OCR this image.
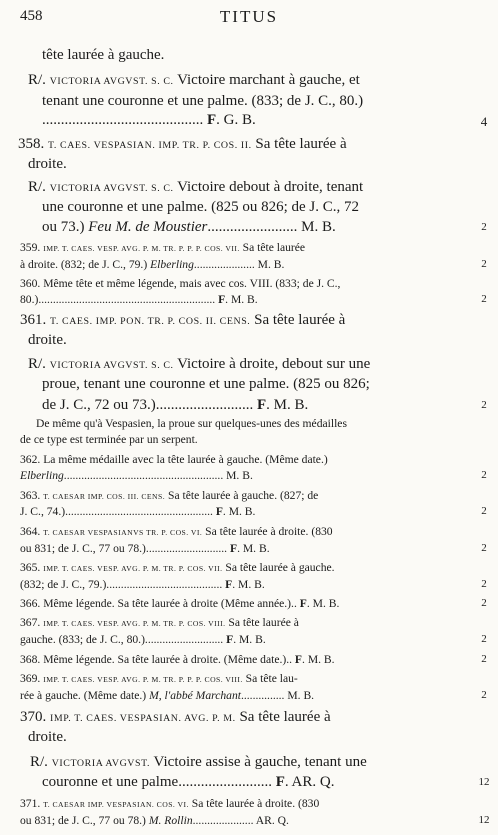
458	TITUS
tête laurée à gauche.
R/. VICTORIA AVGVST. S. C. Victoire marchant à gauche, et
tenant une couronne et une palme. (833; de J. C., 80.)
........................................... F. G. B.	4
358. T. CAES. VESPASIAN. IMP. TR. P. COS. II. Sa tête laurée à
droite.
R/. VICTORIA AVGVST. S. C. Victoire debout à droite, tenant
une couronne et une palme. (825 ou 826; de J. C., 72
ou 73.) Feu M. de Moustier........................ M. B.	2
359. IMP. T. CAES. VESP. AVG. P. M. TR. P. P. P. COS. VII. Sa tête laurée
à droite. (832; de J. C., 79.) Elberling..................... M. B.	2
360. Même tête et même légende, mais avec cos. VIII. (833; de J. C.,
80.)............................................................. F. M. B.	2
361. T. CAES. IMP. PON. TR. P. COS. II. CENS. Sa tête laurée à
droite.
R/. VICTORIA AVGVST. S. C. Victoire à droite, debout sur une
proue, tenant une couronne et une palme. (825 ou 826;
de J. C., 72 ou 73.).......................... F. M. B.	2
De même qu'à Vespasien, la proue sur quelques-unes des médailles
de ce type est terminée par un serpent.
362. La même médaille avec la tête laurée à gauche. (Même date.)
Elberling....................................................... M. B.	2
363. T. CAESAR IMP. COS. III. CENS. Sa tête laurée à gauche. (827; de
J. C., 74.)................................................... F. M. B.	2
364. T. CAESAR VESPASIANVS TR. P. COS. VI. Sa tête laurée à droite. (830
ou 831; de J. C., 77 ou 78.)............................ F. M. B.	2
365. IMP. T. CAES. VESP. AVG. P. M. TR. P. COS. VII. Sa tête laurée à gauche.
(832; de J. C., 79.)........................................ F. M. B.	2
366. Même légende. Sa tête laurée à droite (Même année.).. F. M. B.	2
367. IMP. T. CAES. VESP. AVG. P. M. TR. P. COS. VIII. Sa tête laurée à
gauche. (833; de J. C., 80.)........................... F. M. B.	2
368. Même légende. Sa tête laurée à droite. (Même date.).. F. M. B.	2
369. IMP. T. CAES. VESP. AVG. P. M. TR. P. P. P. COS. VIII. Sa tête lau-
rée à gauche. (Même date.) M, l'abbé Marchant............... M. B.	2
370. IMP. T. CAES. VESPASIAN. AVG. P. M. Sa tête laurée à
droite.
R/. VICTORIA AVGVST. Victoire assise à gauche, tenant une
couronne et une palme......................... F. AR. Q.	12
371. T. CAESAR IMP. VESPASIAN. COS. VI. Sa tête laurée à droite. (830
ou 831; de J. C., 77 ou 78.) M. Rollin..................... AR. Q.	12
